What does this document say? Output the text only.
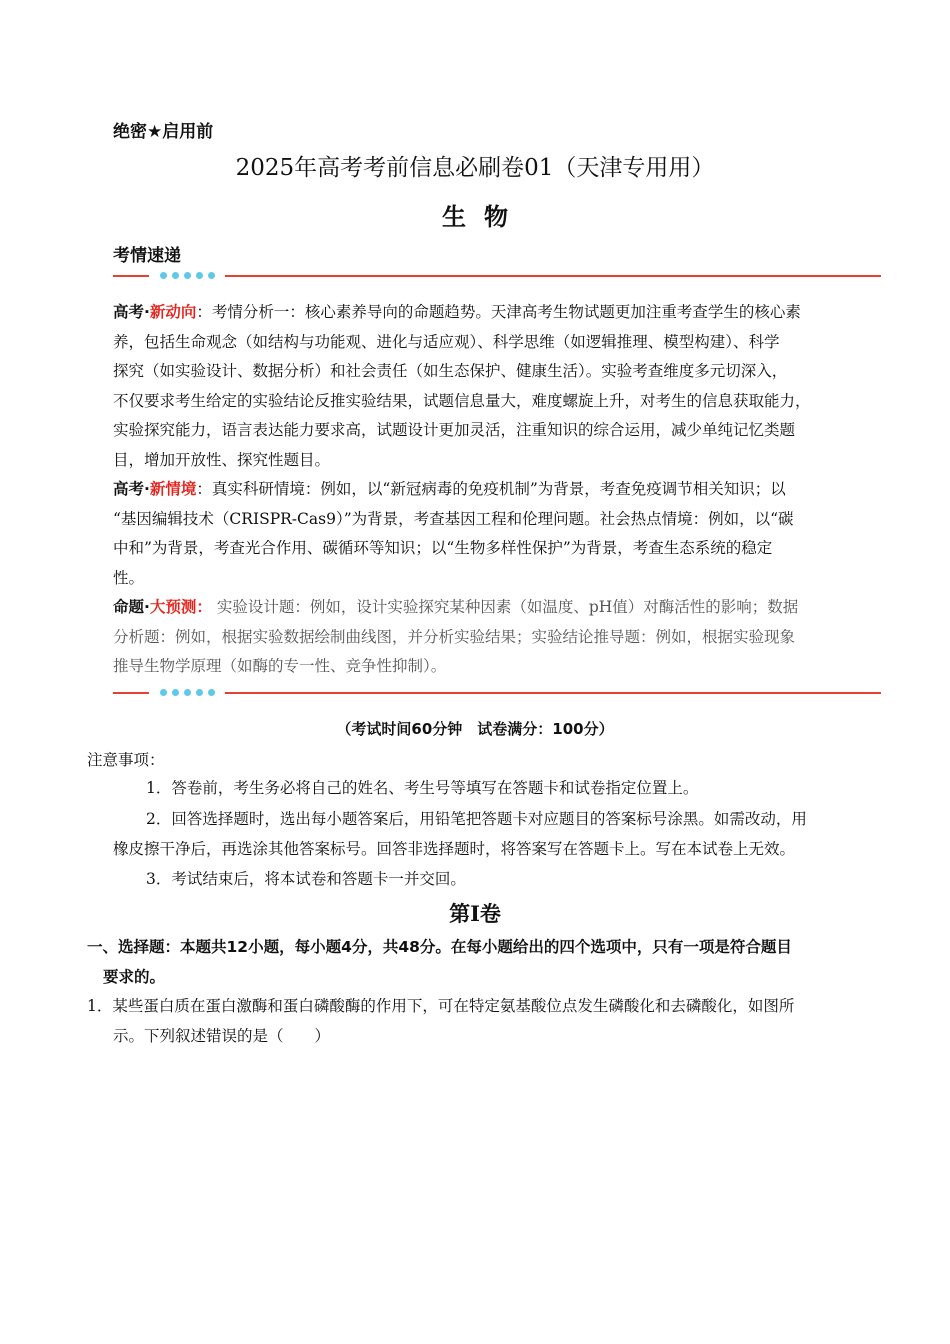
绝密★启用前
2025年高考考前信息必刷卷01（天津专用用）
生物
考情速递
高考·新动向：考情分析一：核心素养导向的命题趋势。天津高考生物试题更加注重考查学生的核心素
养，包括生命观念（如结构与功能观、进化与适应观）、科学思维（如逻辑推理、模型构建）、科学
探究（如实验设计、数据分析）和社会责任（如生态保护、健康生活）。实验考查维度多元切深入，
不仅要求考生给定的实验结论反推实验结果，试题信息量大，难度螺旋上升，对考生的信息获取能力，
实验探究能力，语言表达能力要求高，试题设计更加灵活，注重知识的综合运用，减少单纯记忆类题
目，增加开放性、探究性题目。
高考·新情境：真实科研情境：例如，以“新冠病毒的免疫机制”为背景，考查免疫调节相关知识；以
“基因编辑技术（CRISPR-Cas9）”为背景，考查基因工程和伦理问题。社会热点情境：例如，以“碳
中和”为背景，考查光合作用、碳循环等知识；以“生物多样性保护”为背景，考查生态系统的稳定
性。
命题·大预测： 实验设计题：例如，设计实验探究某种因素（如温度、pH值）对酶活性的影响；数据
分析题：例如，根据实验数据绘制曲线图，并分析实验结果；实验结论推导题：例如，根据实验现象
推导生物学原理（如酶的专一性、竞争性抑制）。
（考试时间60分钟　试卷满分：100分）
注意事项：
1．答卷前，考生务必将自己的姓名、考生号等填写在答题卡和试卷指定位置上。
2．回答选择题时，选出每小题答案后，用铅笔把答题卡对应题目的答案标号涂黑。如需改动，用
橡皮擦干净后，再选涂其他答案标号。回答非选择题时，将答案写在答题卡上。写在本试卷上无效。
3．考试结束后，将本试卷和答题卡一并交回。
第Ⅰ卷
一、选择题：本题共12小题，每小题4分，共48分。在每小题给出的四个选项中，只有一项是符合题目
要求的。
1．某些蛋白质在蛋白激酶和蛋白磷酸酶的作用下，可在特定氨基酸位点发生磷酸化和去磷酸化，如图所
示。下列叙述错误的是（　　）
